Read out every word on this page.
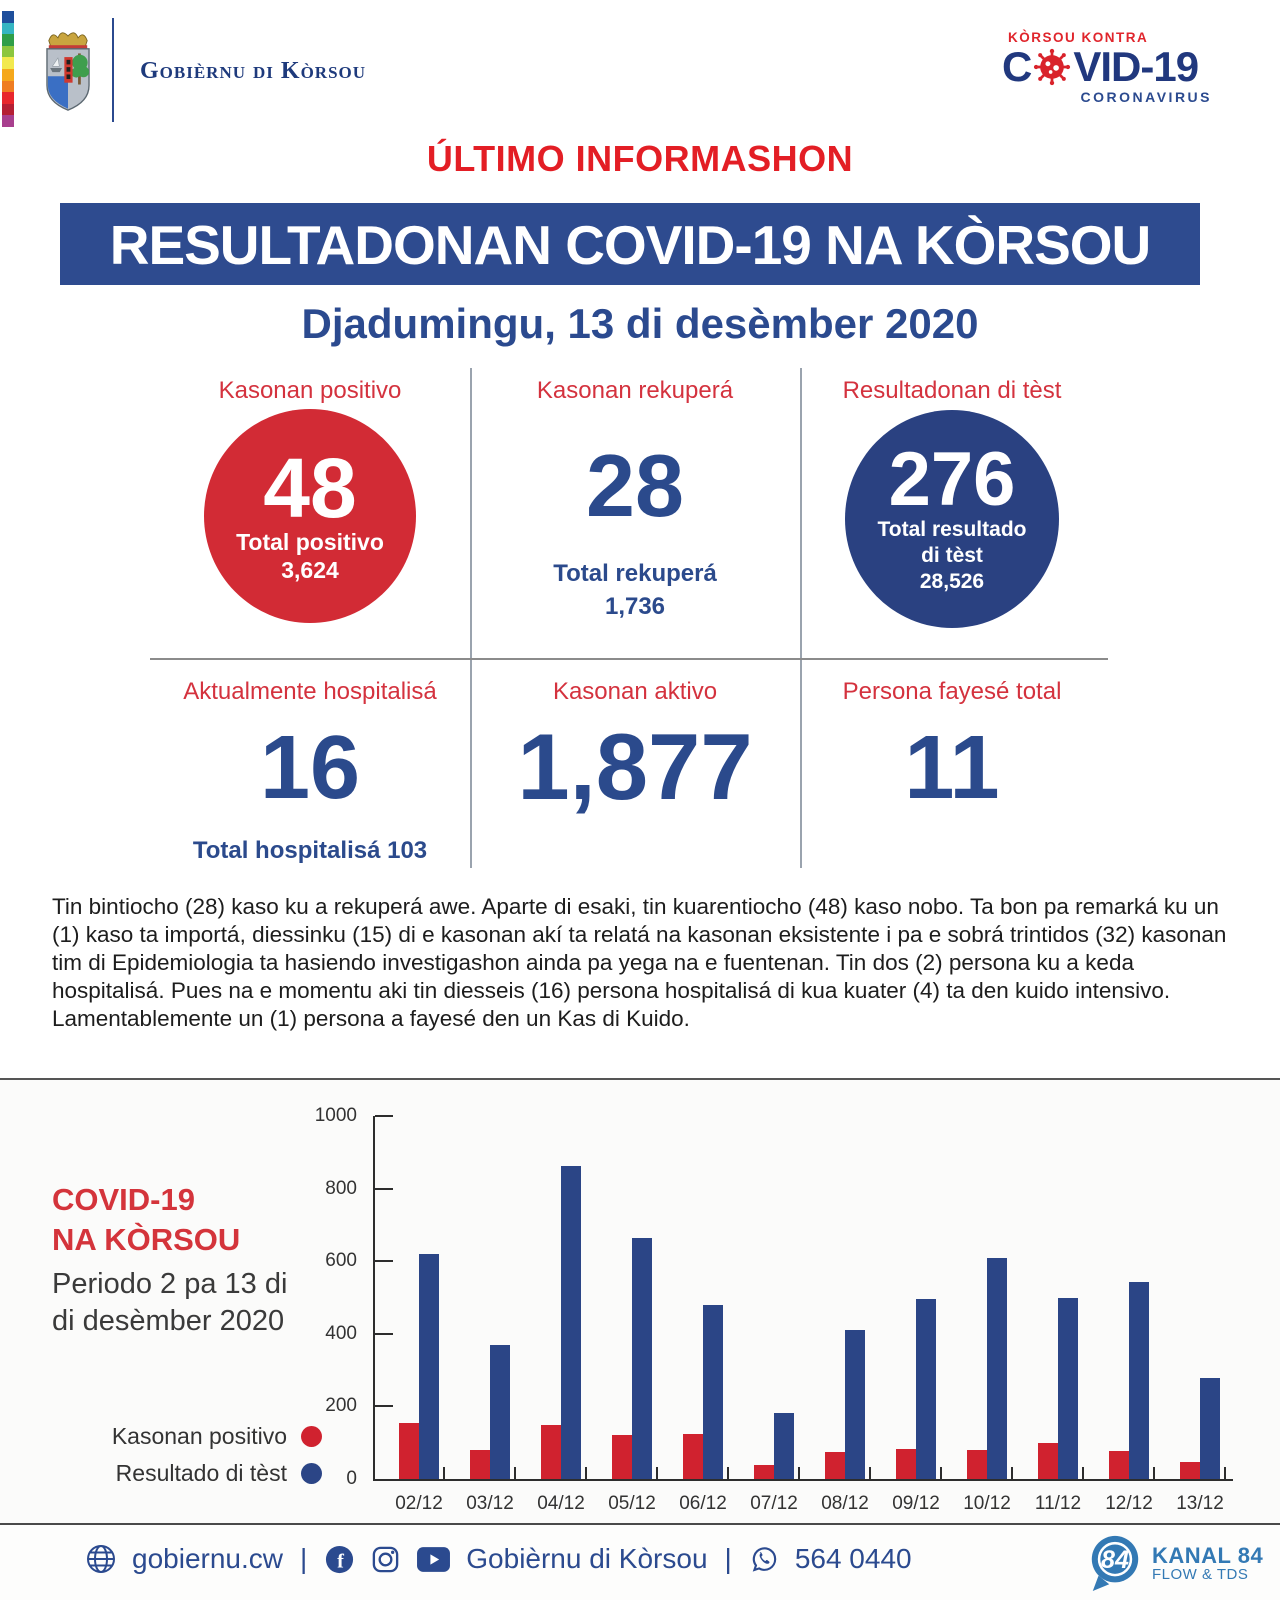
Gobièrnu di Kòrsou
KÒRSOU KONTRA
C VID-19
CORONAVIRUS
ÚLTIMO INFORMASHON
RESULTADONAN COVID-19 NA KÒRSOU
Djadumingu, 13 di desèmber 2020
Kasonan positivo
48
Total positivo
3,624
Kasonan rekuperá
28
Total rekuperá
1,736
Resultadonan di tèst
276
Total resultado
di tèst
28,526
Aktualmente hospitalisá
16
Total hospitalisá 103
Kasonan aktivo
1,877
Persona fayesé total
11
Tin bintiocho (28) kaso ku a rekuperá awe. Aparte di esaki, tin kuarentiocho (48) kaso nobo. Ta bon pa remarká ku un (1) kaso ta importá, diessinku (15) di e kasonan akí ta relatá na kasonan eksistente i pa e sobrá trintidos (32) kasonan tim di Epidemiologia ta hasiendo investigashon ainda pa yega na e fuentenan. Tin dos (2) persona ku a keda hospitalisá. Pues na e momentu aki tin diesseis (16) persona hospitalisá di kua kuater (4) ta den kuido intensivo. Lamentablemente un (1) persona a fayesé den un Kas di Kuido.
COVID-19
NA KÒRSOU
Periodo 2 pa 13 di
di desèmber 2020
Kasonan positivo
Resultado di tèst	0
200
400
600
800
1000
02/12	03/12	04/12	05/12	06/12	07/12	08/12	09/12	10/12	11/12	12/12	13/12
gobiernu.cw | f	Gobièrnu di Kòrsou | 564 0440	84 KANAL 84
FLOW & TDS
